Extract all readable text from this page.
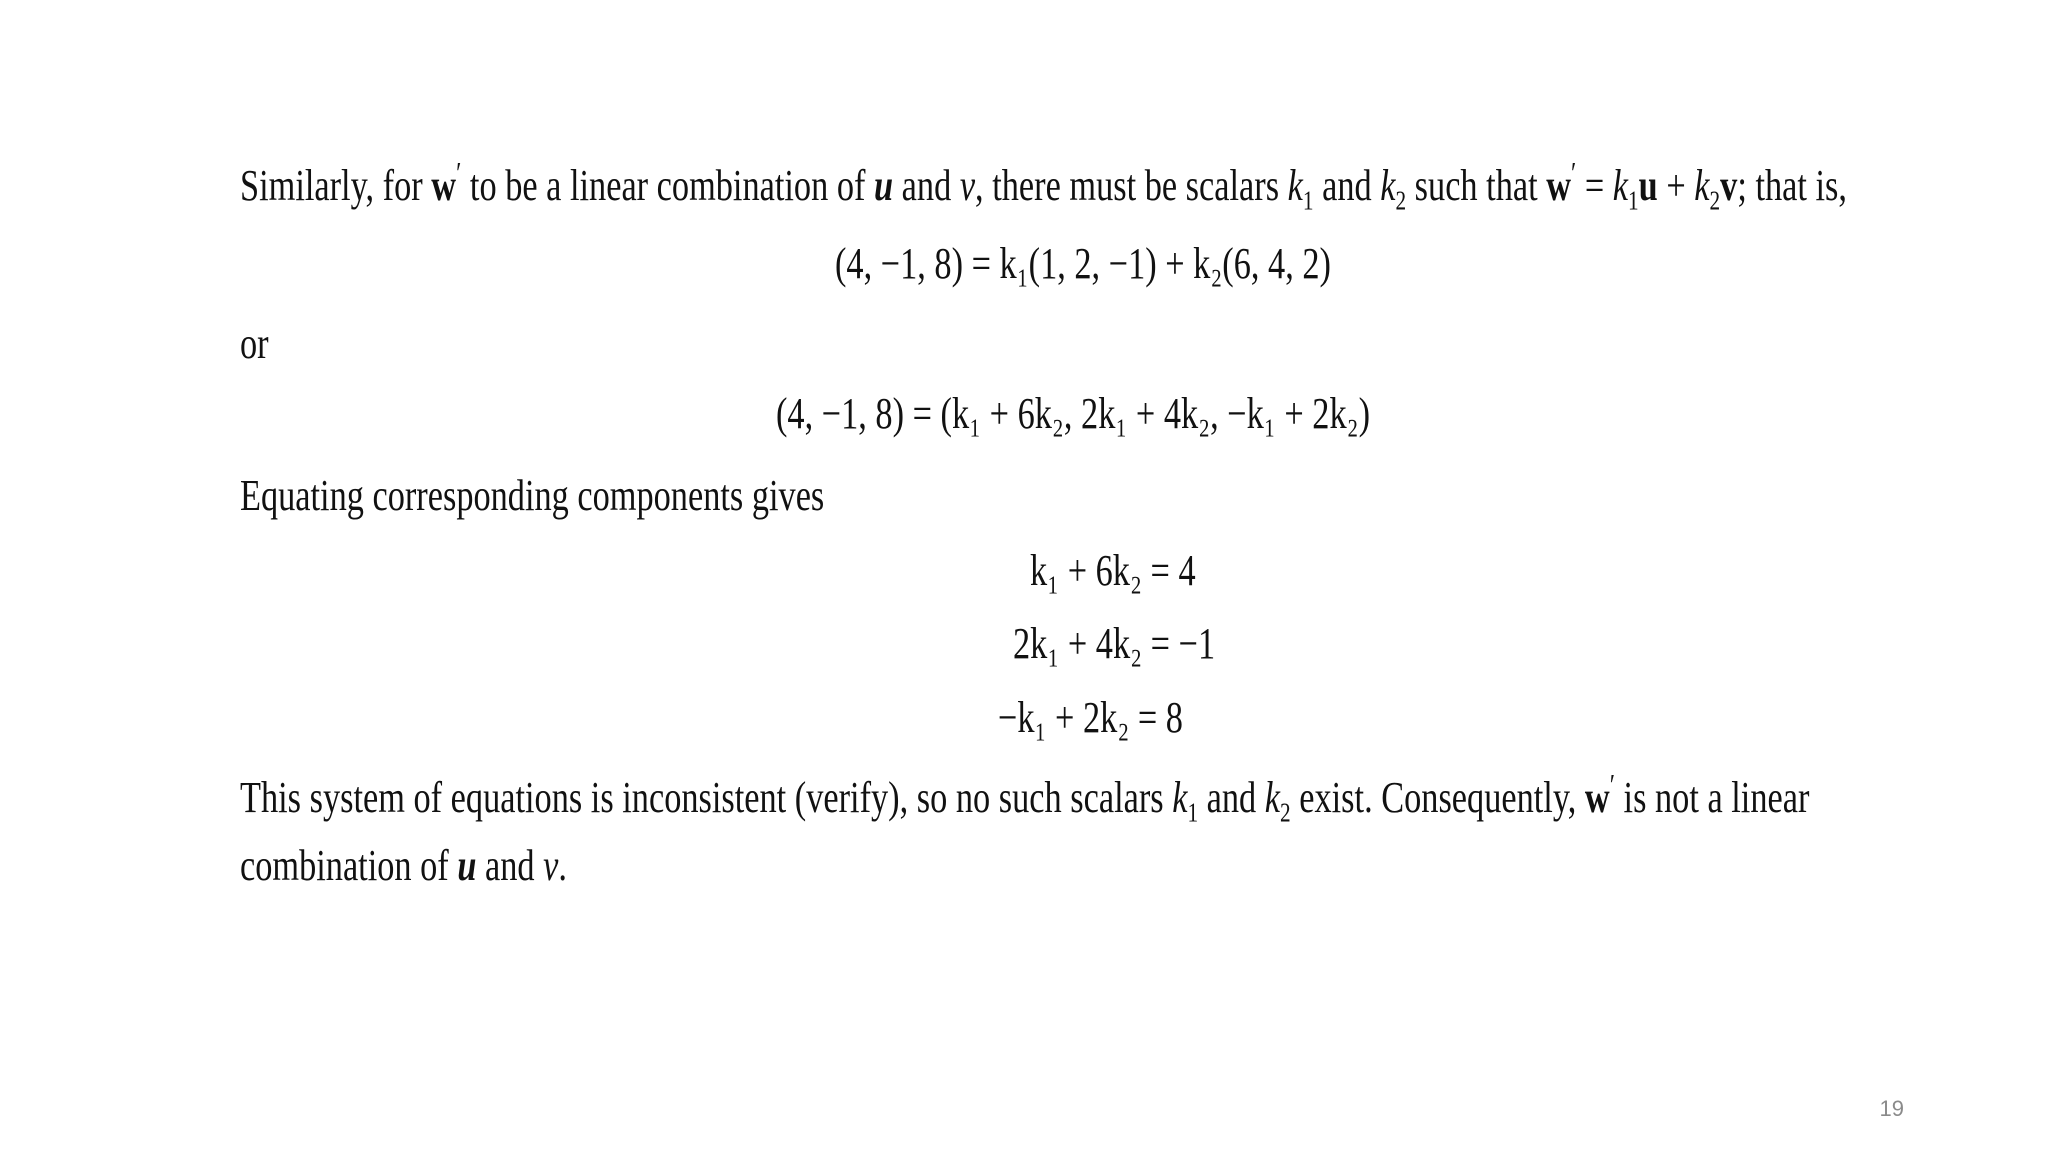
Similarly, for w′ to be a linear combination of u and v, there must be scalars $k_1$ and $k_2$ such that $w' = k_1u + k_2v$; that is,
(4, −1, 8) = k₁(1, 2, −1) + k₂(6, 4, 2)
or
(4, −1, 8) = (k₁ + 6k₂, 2k₁ + 4k₂, −k₁ + 2k₂)
Equating corresponding components gives
k₁ + 6k₂ = 4
2k₁ + 4k₂ = −1
−k₁ + 2k₂ = 8
This system of equations is inconsistent (verify), so no such scalars $k_1$ and $k_2$ exist. Consequently, w′ is not a linear
combination of u and v.
19
